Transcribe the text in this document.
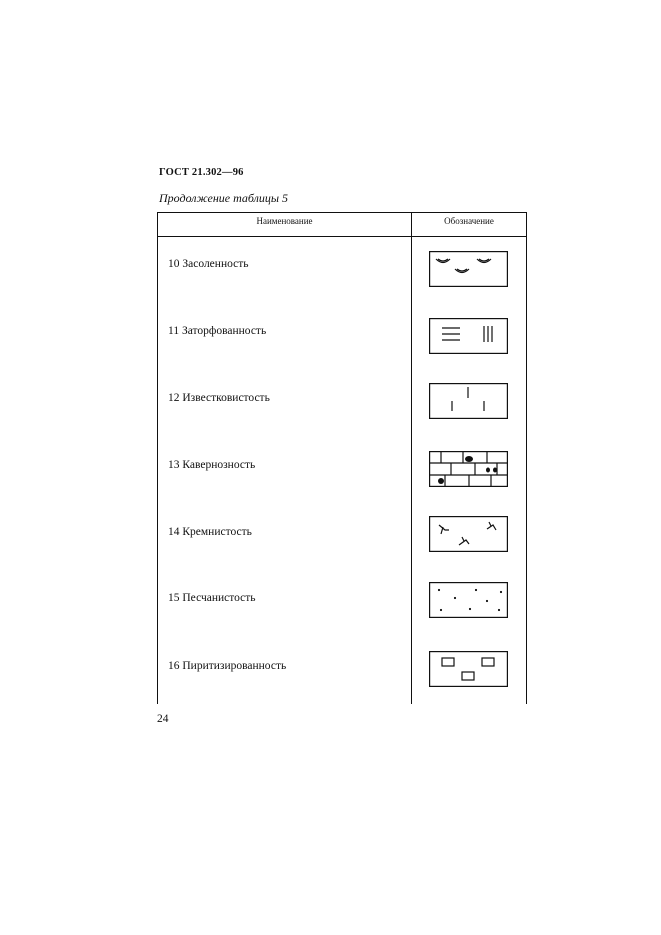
ГОСТ 21.302—96
Продолжение таблицы 5
Наименование	Обозначение
10 Засоленность
11 Заторфованность
12 Известковистость
13 Кавернозность
14 Кремнистость
15 Песчанистость
16 Пиритизированность
24
